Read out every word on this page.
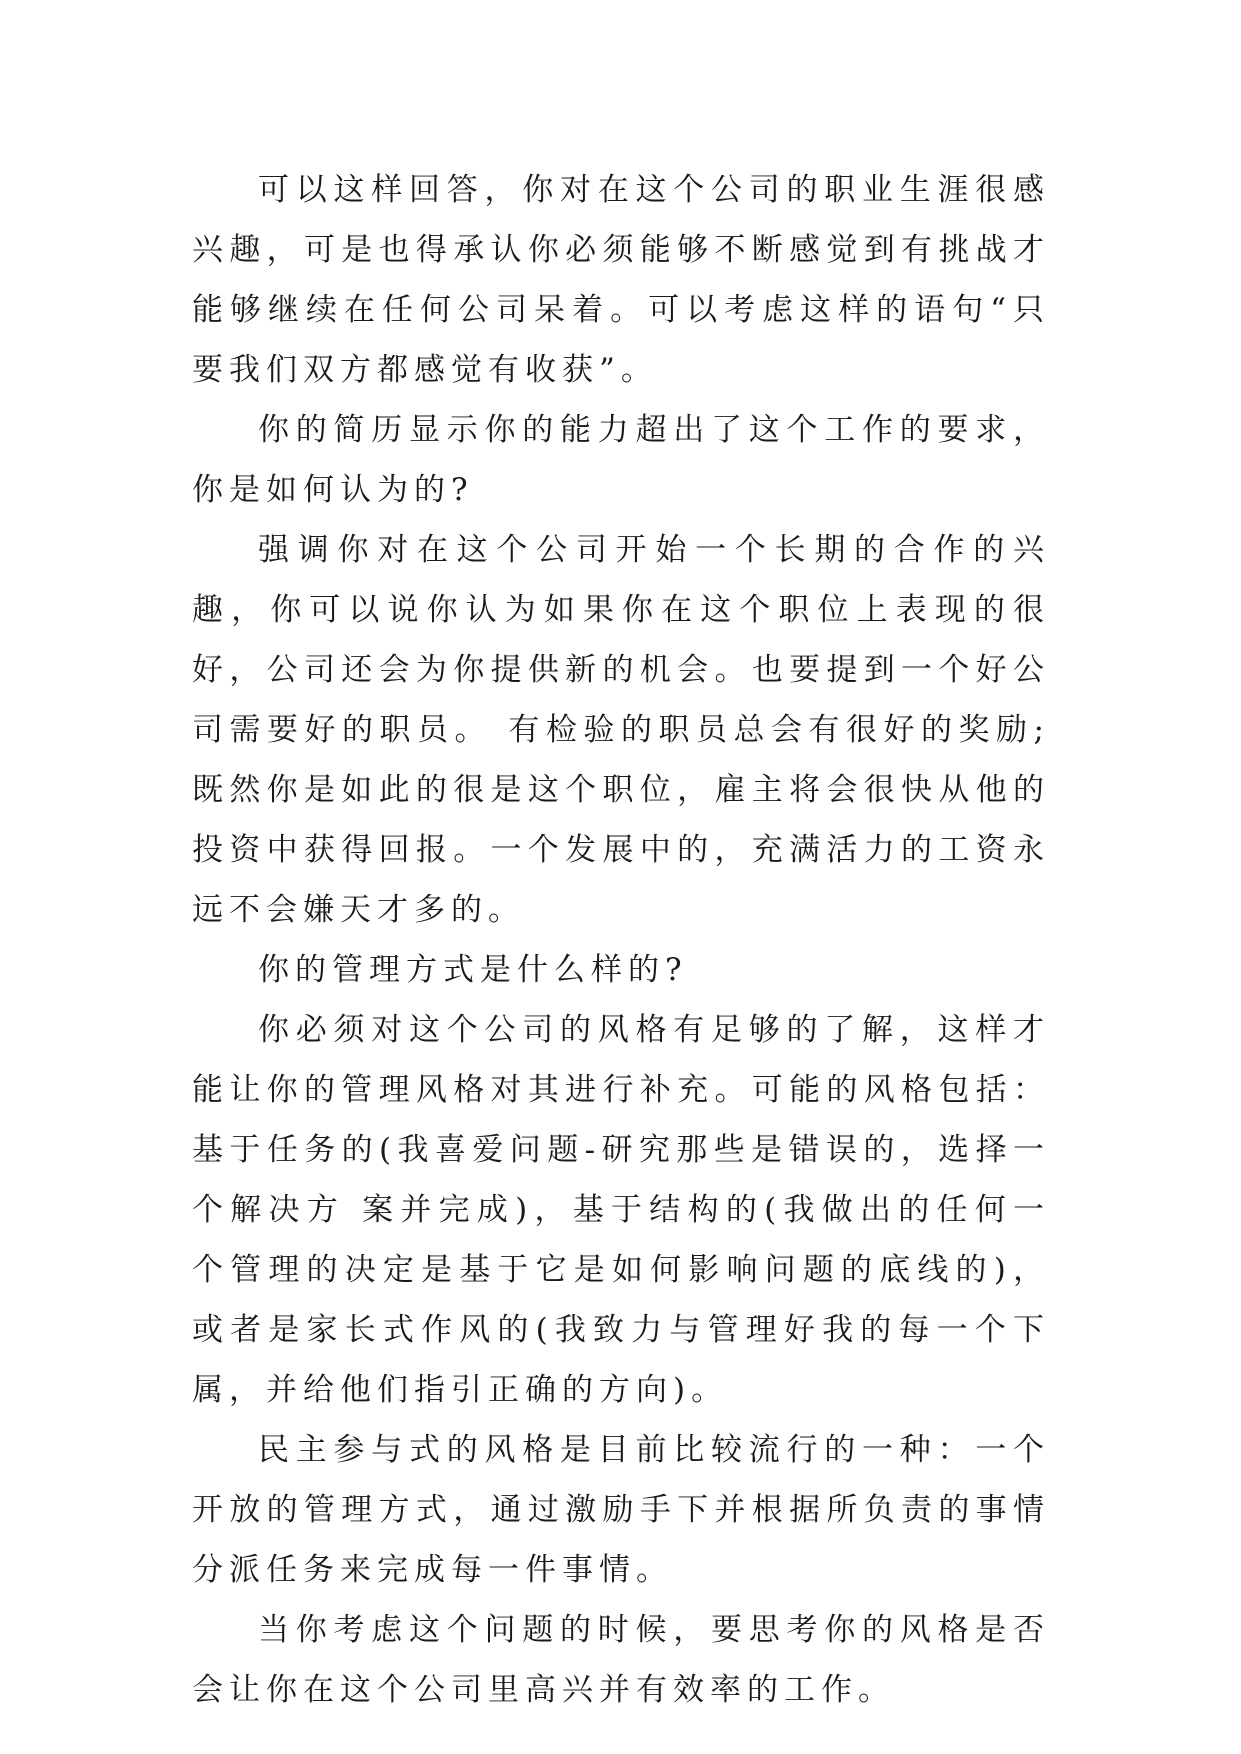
可以这样回答，你对在这个公司的职业生涯很感兴趣，可是也得承认你必须能够不断感觉到有挑战才能够继续在任何公司呆着。可以考虑这样的语句“只要我们双方都感觉有收获”。

你的简历显示你的能力超出了这个工作的要求，你是如何认为的?

强调你对在这个公司开始一个长期的合作的兴趣，你可以说你认为如果你在这个职位上表现的很好，公司还会为你提供新的机会。也要提到一个好公司需要好的职员。 有检验的职员总会有很好的奖励;既然你是如此的很是这个职位，雇主将会很快从他的投资中获得回报。一个发展中的，充满活力的工资永远不会嫌天才多的。

你的管理方式是什么样的?

你必须对这个公司的风格有足够的了解，这样才能让你的管理风格对其进行补充。可能的风格包括：基于任务的(我喜爱问题-研究那些是错误的，选择一个解决方 案并完成)，基于结构的(我做出的任何一个管理的决定是基于它是如何影响问题的底线的)，或者是家长式作风的(我致力与管理好我的每一个下属，并给他们指引正确的方向)。

民主参与式的风格是目前比较流行的一种：一个开放的管理方式，通过激励手下并根据所负责的事情分派任务来完成每一件事情。

当你考虑这个问题的时候，要思考你的风格是否会让你在这个公司里高兴并有效率的工作。
